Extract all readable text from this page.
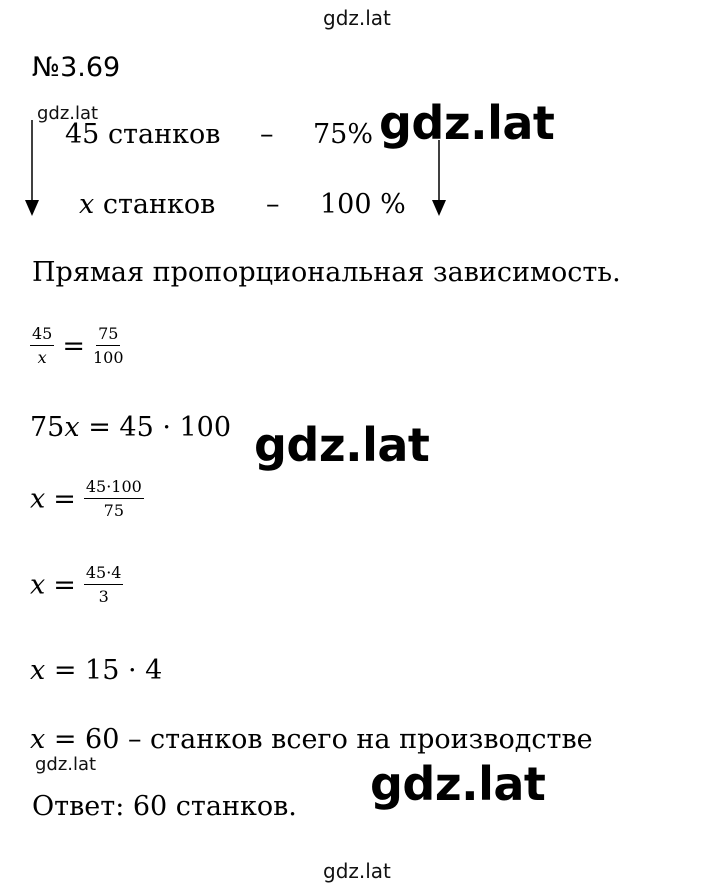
gdz.lat
gdz.lat	gdz.lat
gdz.lat
gdz.lat	gdz.lat
gdz.lat
№3.69
45 станков – 75%
x станков – 100 %
Прямая пропорциональная зависимость.
$\frac{45}{x} = \frac{75}{100}$
75x = 45 · 100
$x = \frac{45\cdot 100}{75}$
$x = \frac{45\cdot 4}{3}$
x = 15 · 4
x = 60 – станков всего на производстве
Ответ: 60 станков.
